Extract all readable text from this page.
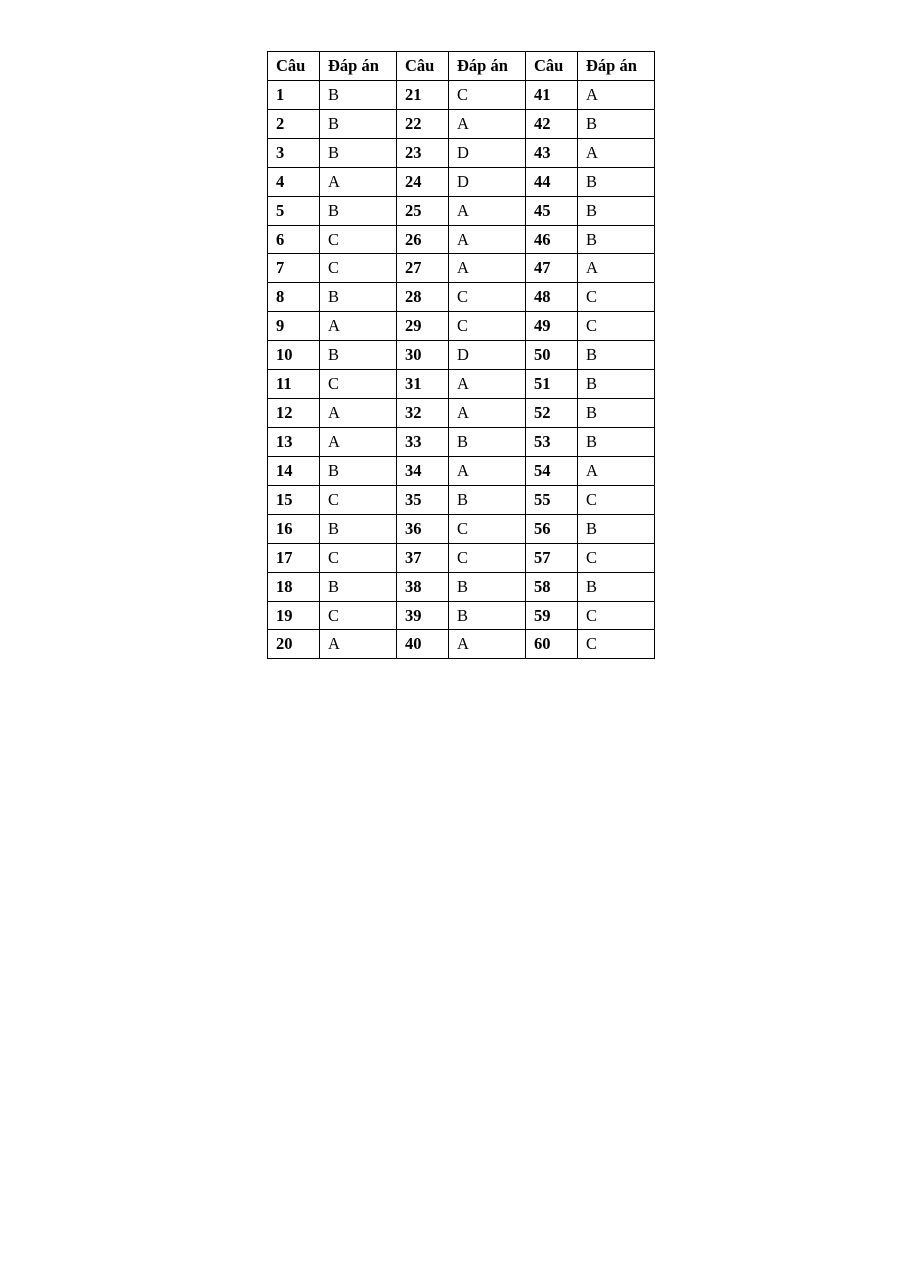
Câu	Đáp án	Câu	Đáp án	Câu	Đáp án
1	B	21	C	41	A
2	B	22	A	42	B
3	B	23	D	43	A
4	A	24	D	44	B
5	B	25	A	45	B
6	C	26	A	46	B
7	C	27	A	47	A
8	B	28	C	48	C
9	A	29	C	49	C
10	B	30	D	50	B
11	C	31	A	51	B
12	A	32	A	52	B
13	A	33	B	53	B
14	B	34	A	54	A
15	C	35	B	55	C
16	B	36	C	56	B
17	C	37	C	57	C
18	B	38	B	58	B
19	C	39	B	59	C
20	A	40	A	60	C
